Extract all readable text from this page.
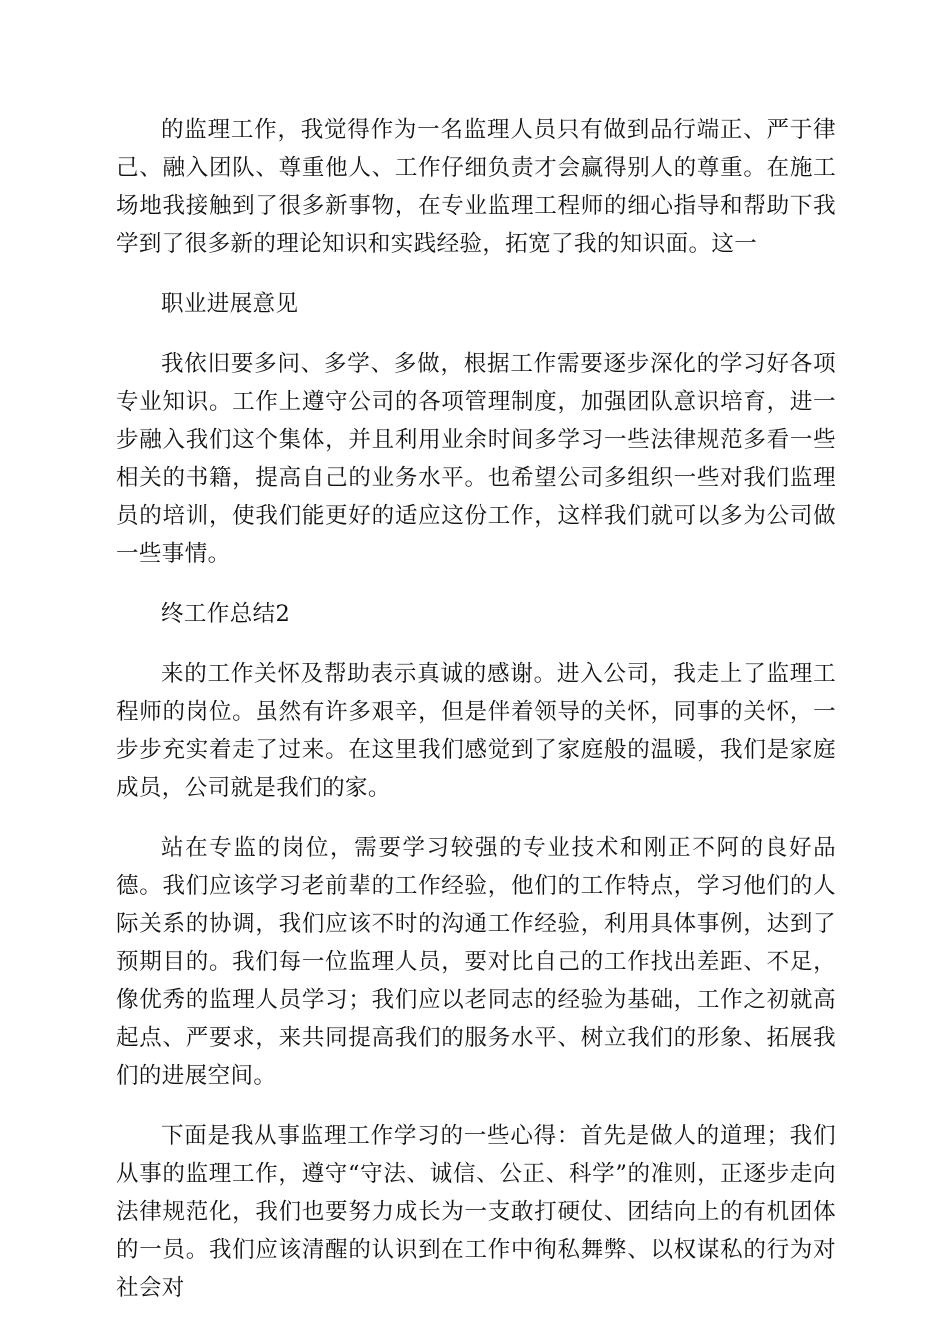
的监理工作，我觉得作为一名监理人员只有做到品行端正、严于律己、融入团队、尊重他人、工作仔细负责才会赢得别人的尊重。在施工场地我接触到了很多新事物，在专业监理工程师的细心指导和帮助下我学到了很多新的理论知识和实践经验，拓宽了我的知识面。这一

职业进展意见

我依旧要多问、多学、多做，根据工作需要逐步深化的学习好各项专业知识。工作上遵守公司的各项管理制度，加强团队意识培育，进一步融入我们这个集体，并且利用业余时间多学习一些法律规范多看一些相关的书籍，提高自己的业务水平。也希望公司多组织一些对我们监理员的培训，使我们能更好的适应这份工作，这样我们就可以多为公司做一些事情。

终工作总结2

来的工作关怀及帮助表示真诚的感谢。进入公司，我走上了监理工程师的岗位。虽然有许多艰辛，但是伴着领导的关怀，同事的关怀，一步步充实着走了过来。在这里我们感觉到了家庭般的温暖，我们是家庭成员，公司就是我们的家。

站在专监的岗位，需要学习较强的专业技术和刚正不阿的良好品德。我们应该学习老前辈的工作经验，他们的工作特点，学习他们的人际关系的协调，我们应该不时的沟通工作经验，利用具体事例，达到了预期目的。我们每一位监理人员，要对比自己的工作找出差距、不足，像优秀的监理人员学习；我们应以老同志的经验为基础，工作之初就高起点、严要求，来共同提高我们的服务水平、树立我们的形象、拓展我们的进展空间。

下面是我从事监理工作学习的一些心得：首先是做人的道理；我们从事的监理工作，遵守“守法、诚信、公正、科学”的准则，正逐步走向法律规范化，我们也要努力成长为一支敢打硬仗、团结向上的有机团体的一员。我们应该清醒的认识到在工作中徇私舞弊、以权谋私的行为对社会对
